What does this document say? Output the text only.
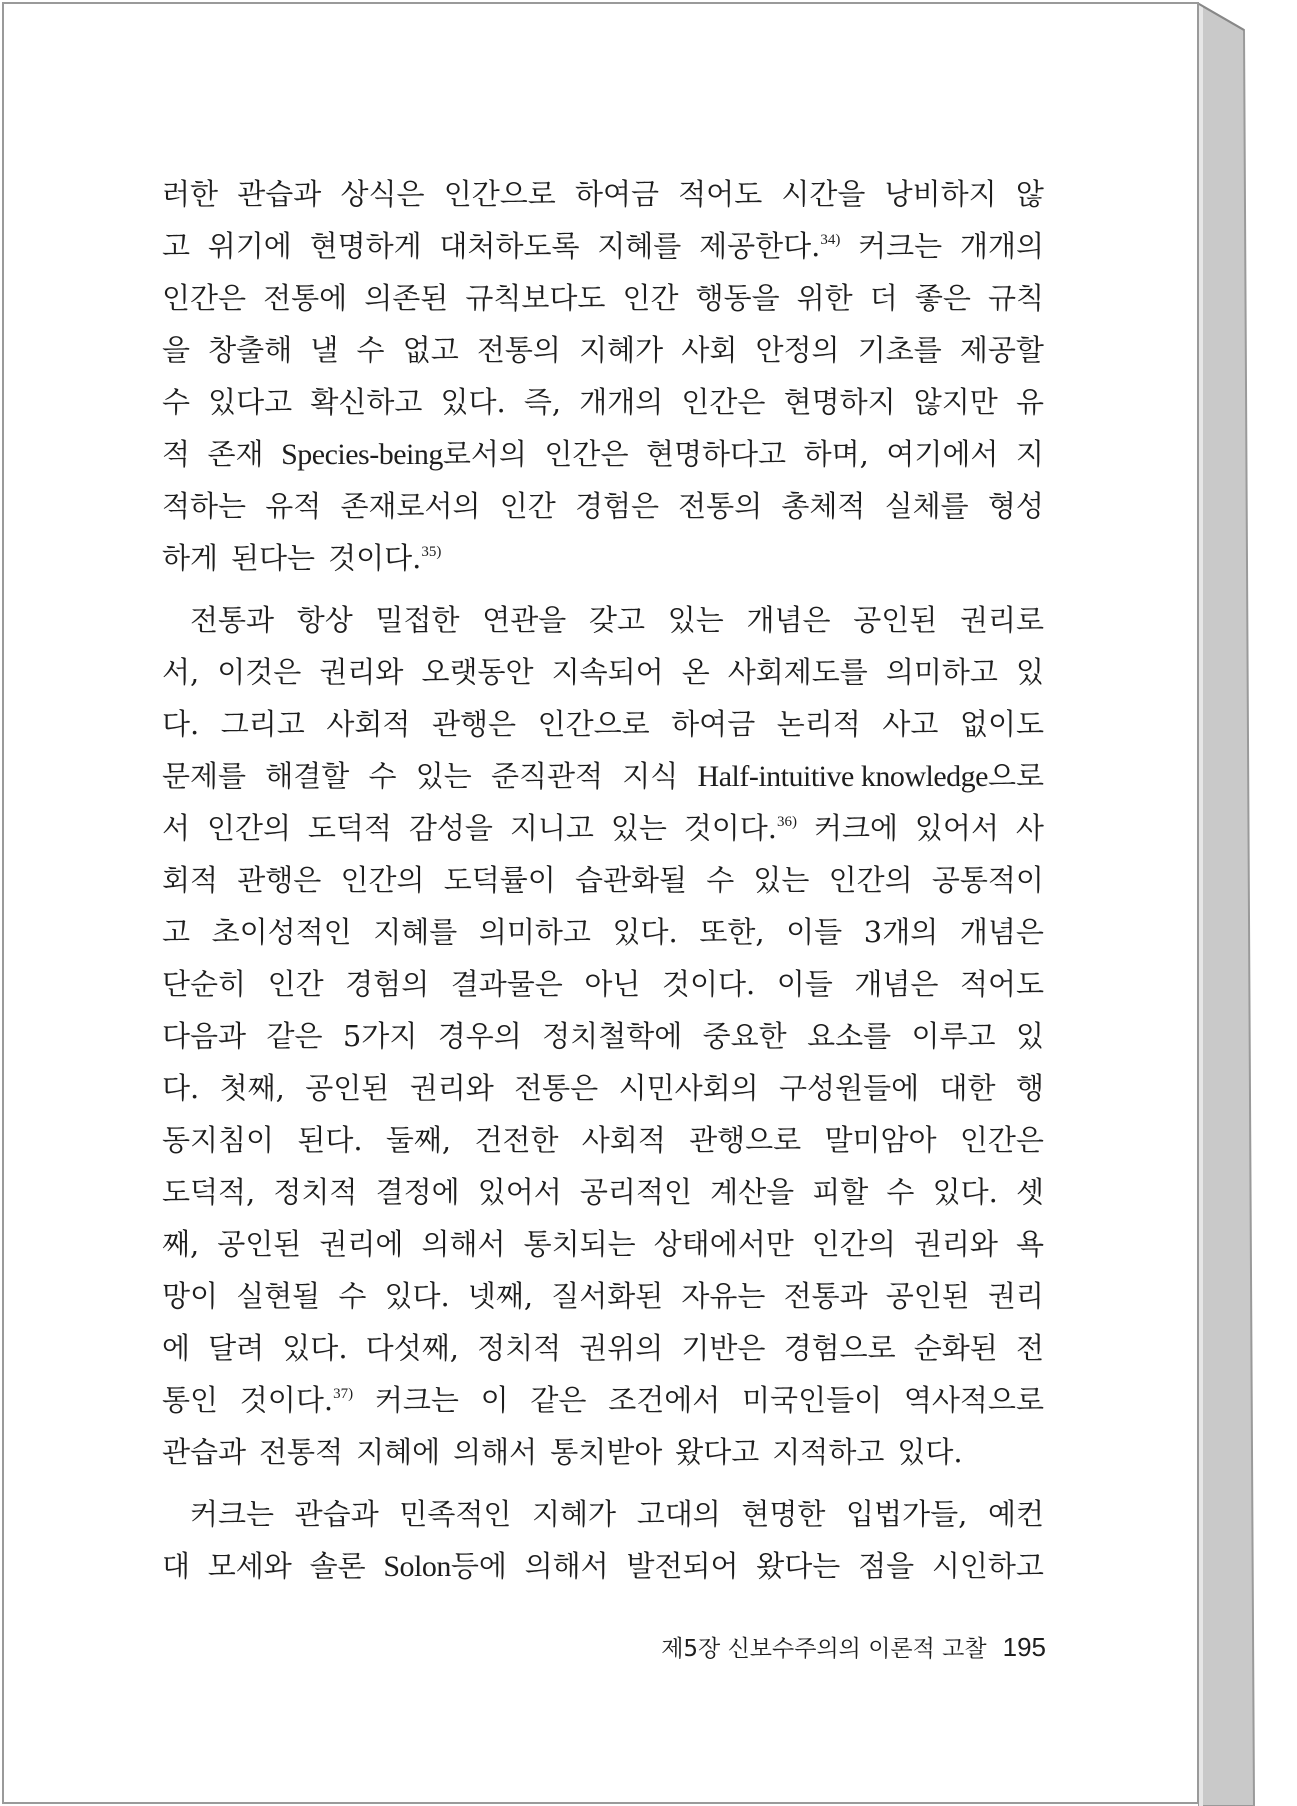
러한 관습과 상식은 인간으로 하여금 적어도 시간을 낭비하지 않
고 위기에 현명하게 대처하도록 지혜를 제공한다.$^{34)}$ 커크는 개개의
인간은 전통에 의존된 규칙보다도 인간 행동을 위한 더 좋은 규칙
을 창출해 낼 수 없고 전통의 지혜가 사회 안정의 기초를 제공할
수 있다고 확신하고 있다. 즉, 개개의 인간은 현명하지 않지만 유
적 존재 Species-being로서의 인간은 현명하다고 하며, 여기에서 지
적하는 유적 존재로서의 인간 경험은 전통의 총체적 실체를 형성
하게 된다는 것이다.$^{35)}$
전통과 항상 밀접한 연관을 갖고 있는 개념은 공인된 권리로
서, 이것은 권리와 오랫동안 지속되어 온 사회제도를 의미하고 있
다. 그리고 사회적 관행은 인간으로 하여금 논리적 사고 없이도
문제를 해결할 수 있는 준직관적 지식 Half-intuitive knowledge으로
서 인간의 도덕적 감성을 지니고 있는 것이다.$^{36)}$ 커크에 있어서 사
회적 관행은 인간의 도덕률이 습관화될 수 있는 인간의 공통적이
고 초이성적인 지혜를 의미하고 있다. 또한, 이들 3개의 개념은
단순히 인간 경험의 결과물은 아닌 것이다. 이들 개념은 적어도
다음과 같은 5가지 경우의 정치철학에 중요한 요소를 이루고 있
다. 첫째, 공인된 권리와 전통은 시민사회의 구성원들에 대한 행
동지침이 된다. 둘째, 건전한 사회적 관행으로 말미암아 인간은
도덕적, 정치적 결정에 있어서 공리적인 계산을 피할 수 있다. 셋
째, 공인된 권리에 의해서 통치되는 상태에서만 인간의 권리와 욕
망이 실현될 수 있다. 넷째, 질서화된 자유는 전통과 공인된 권리
에 달려 있다. 다섯째, 정치적 권위의 기반은 경험으로 순화된 전
통인 것이다.$^{37)}$ 커크는 이 같은 조건에서 미국인들이 역사적으로
관습과 전통적 지혜에 의해서 통치받아 왔다고 지적하고 있다.
커크는 관습과 민족적인 지혜가 고대의 현명한 입법가들, 예컨
대 모세와 솔론 Solon등에 의해서 발전되어 왔다는 점을 시인하고
제5장 신보수주의의 이론적 고찰 195
